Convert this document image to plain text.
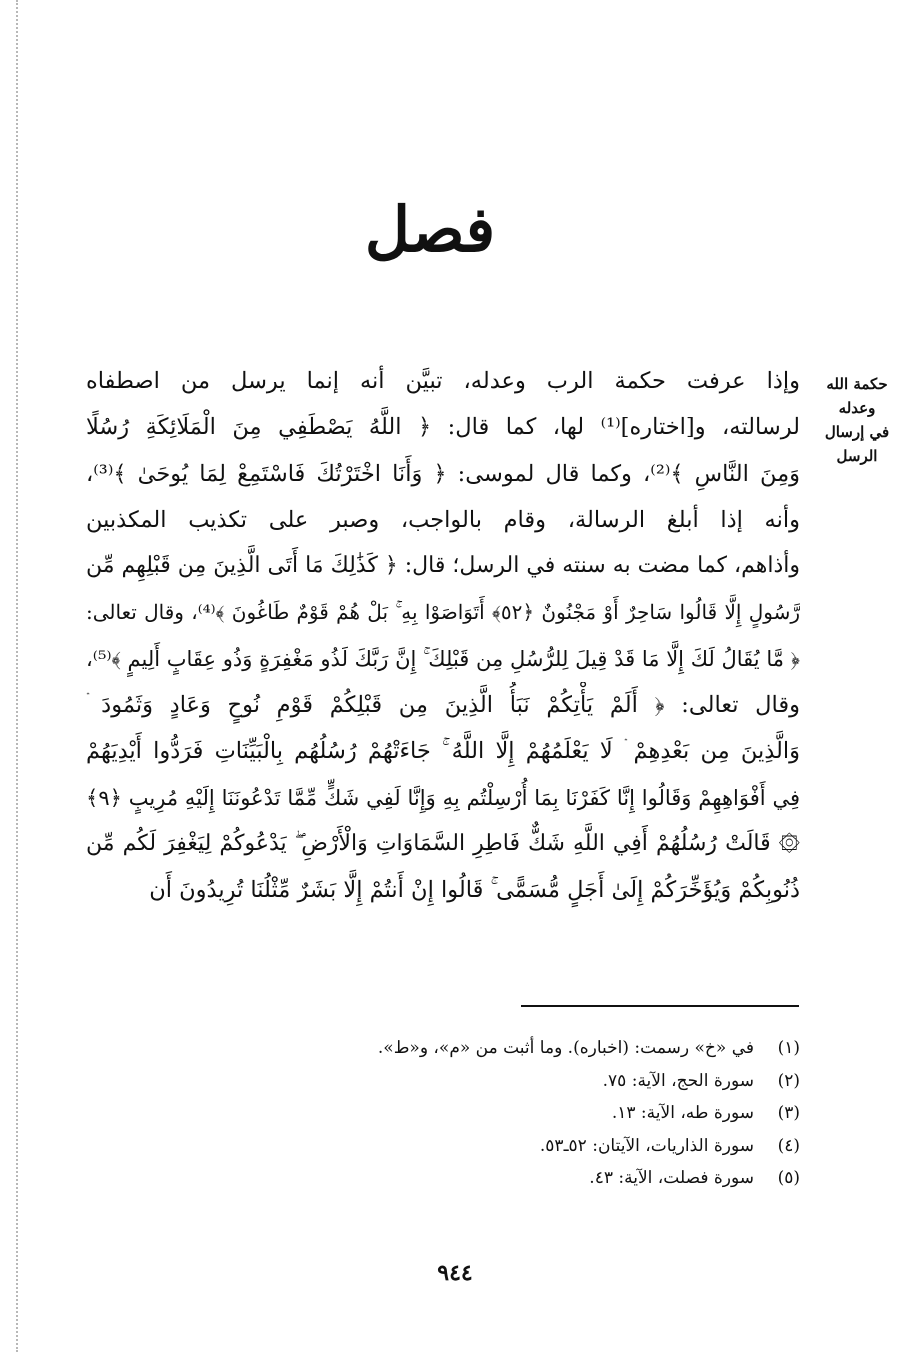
فصل
حكمة الله وعدله
في إرسال الرسل
وإذا عرفت حكمة الرب وعدله، تبيَّن أنه إنما يرسل من اصطفاه
لرسالته، و[اختاره]⁽¹⁾ لها، كما قال: ﴿ اللَّهُ يَصْطَفِي مِنَ الْمَلَائِكَةِ رُسُلًا
وَمِنَ النَّاسِ ﴾⁽²⁾، وكما قال لموسى: ﴿ وَأَنَا اخْتَرْتُكَ فَاسْتَمِعْ لِمَا يُوحَىٰ ﴾⁽³⁾،
وأنه إذا أبلغ الرسالة، وقام بالواجب، وصبر على تكذيب المكذبين
وأذاهم، كما مضت به سنته في الرسل؛ قال: ﴿ كَذَٰلِكَ مَا أَتَى الَّذِينَ مِن قَبْلِهِم مِّن
رَّسُولٍ إِلَّا قَالُوا سَاحِرٌ أَوْ مَجْنُونٌ ﴿٥٢﴾ أَتَوَاصَوْا بِهِ ۚ بَلْ هُمْ قَوْمٌ طَاغُونَ ﴾⁽⁴⁾، وقال تعالى:
﴿ مَّا يُقَالُ لَكَ إِلَّا مَا قَدْ قِيلَ لِلرُّسُلِ مِن قَبْلِكَ ۚ إِنَّ رَبَّكَ لَذُو مَغْفِرَةٍ وَذُو عِقَابٍ أَلِيمٍ ﴾⁽⁵⁾،
وقال تعالى: ﴿ أَلَمْ يَأْتِكُمْ نَبَأُ الَّذِينَ مِن قَبْلِكُمْ قَوْمِ نُوحٍ وَعَادٍ وَثَمُودَ ۛ
وَالَّذِينَ مِن بَعْدِهِمْ ۛ لَا يَعْلَمُهُمْ إِلَّا اللَّهُ ۚ جَاءَتْهُمْ رُسُلُهُم بِالْبَيِّنَاتِ فَرَدُّوا أَيْدِيَهُمْ
فِي أَفْوَاهِهِمْ وَقَالُوا إِنَّا كَفَرْنَا بِمَا أُرْسِلْتُم بِهِ وَإِنَّا لَفِي شَكٍّ مِّمَّا تَدْعُونَنَا إِلَيْهِ مُرِيبٍ ﴿٩﴾
۞ قَالَتْ رُسُلُهُمْ أَفِي اللَّهِ شَكٌّ فَاطِرِ السَّمَاوَاتِ وَالْأَرْضِ ۖ يَدْعُوكُمْ لِيَغْفِرَ لَكُم مِّن
ذُنُوبِكُمْ وَيُؤَخِّرَكُمْ إِلَىٰ أَجَلٍ مُّسَمًّى ۚ قَالُوا إِنْ أَنتُمْ إِلَّا بَشَرٌ مِّثْلُنَا تُرِيدُونَ أَن
(١)في «خ» رسمت: (اخباره). وما أثبت من «م»، و«ط».
(٢)سورة الحج، الآية: ٧٥.
(٣)سورة طه، الآية: ١٣.
(٤)سورة الذاريات، الآيتان: ٥٢ـ٥٣.
(٥)سورة فصلت، الآية: ٤٣.
٩٤٤
